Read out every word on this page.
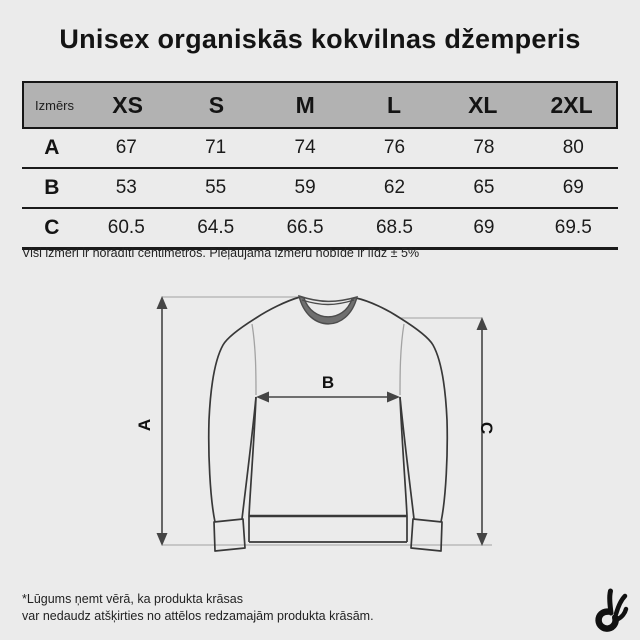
Unisex organiskās kokvilnas džemperis
Izmērs	XS	S	M	L	XL	2XL
A	67	71	74	76	78	80
B	53	55	59	62	65	69
C	60.5	64.5	66.5	68.5	69	69.5
Visi izmēri ir norādīti centimetros. Pieļaujamā izmēru nobīde ir līdz ± 5%
A
B
C
*Lūgums ņemt vērā, ka produkta krāsas
var nedaudz atšķirties no attēlos redzamajām produkta krāsām.
